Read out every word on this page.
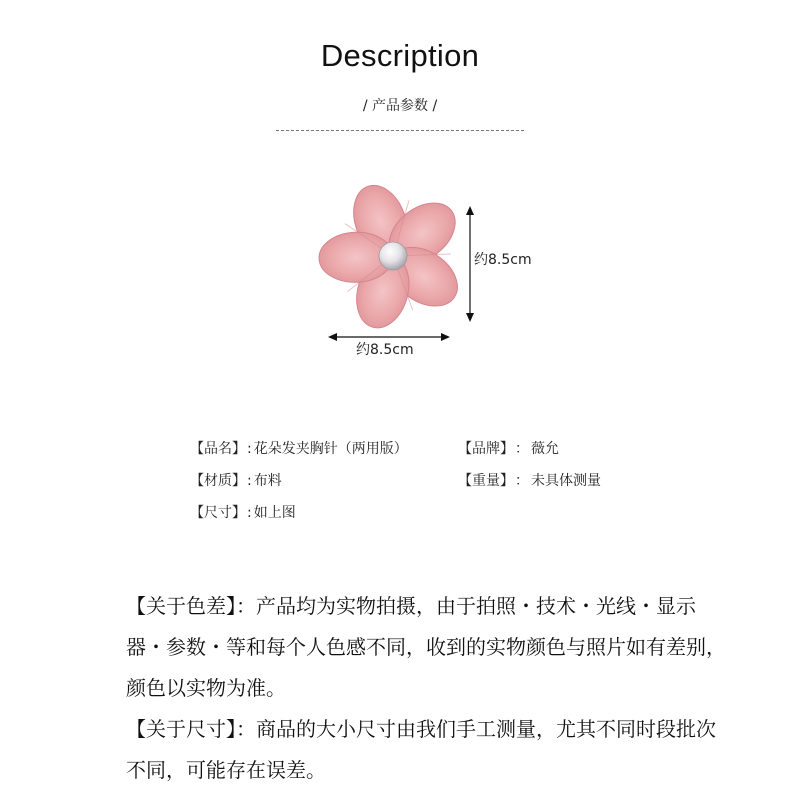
Description
/ 产品参数 /
约8.5cm
约8.5cm
【品名】: 花朵发夹胸针（两用版）	【品牌】： 薇允
【材质】: 布料	【重量】： 未具体测量
【尺寸】: 如上图

【关于色差】：产品均为实物拍摄，由于拍照・技术・光线・显示器・参数・等和每个人色感不同，收到的实物颜色与照片如有差别，颜色以实物为准。

【关于尺寸】：商品的大小尺寸由我们手工测量，尤其不同时段批次不同，可能存在误差。
